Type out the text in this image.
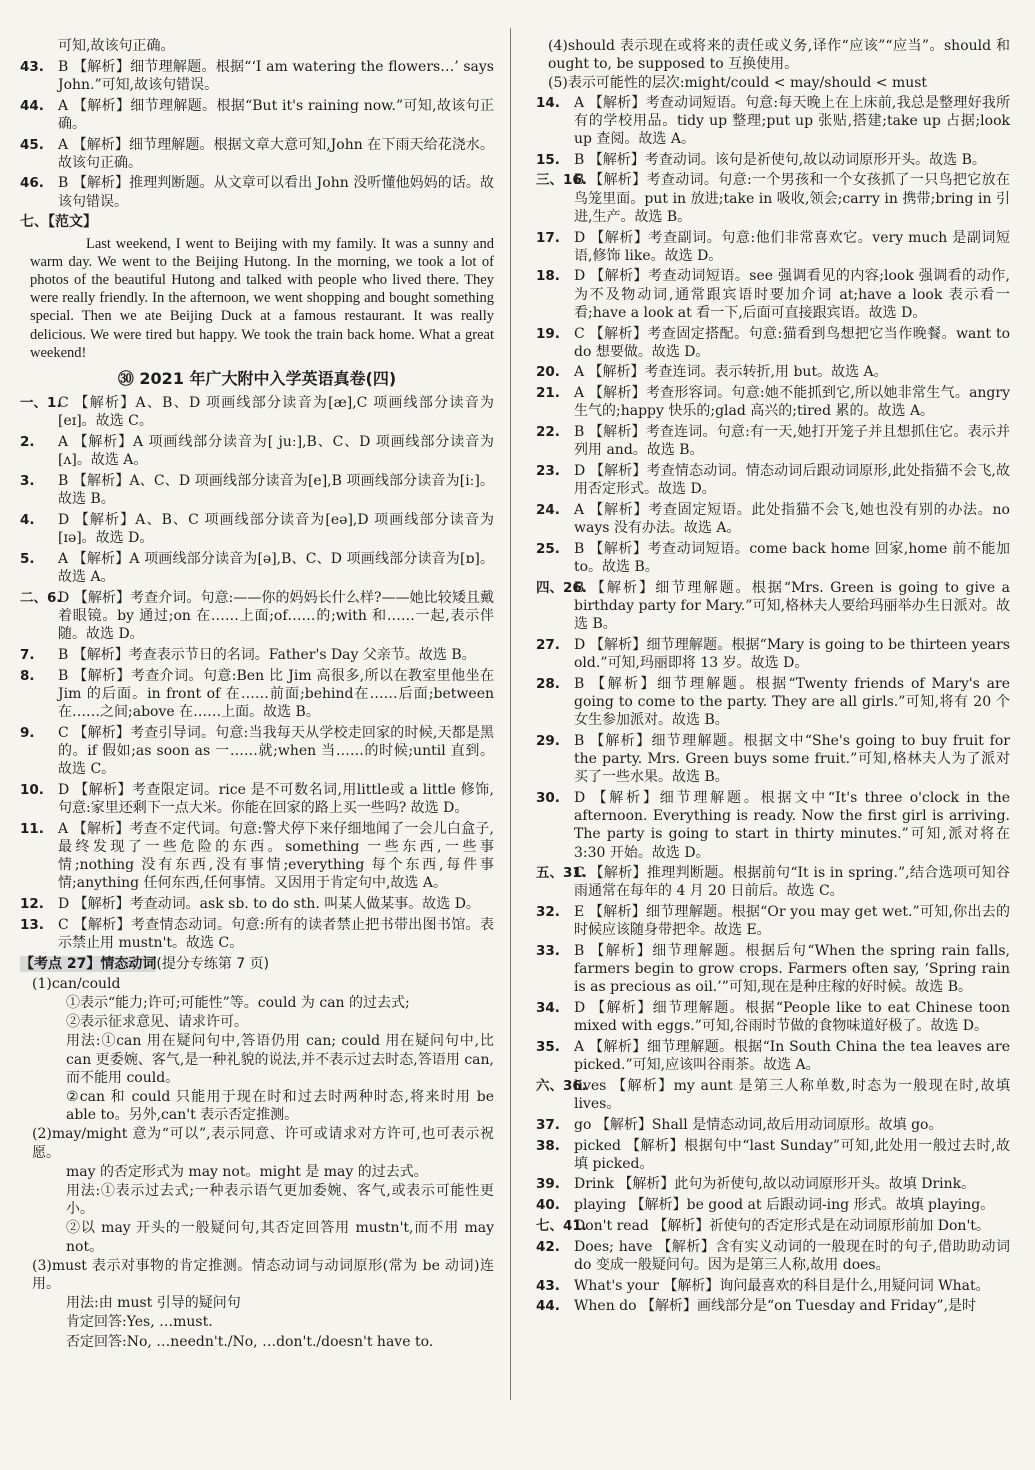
可知,故该句正确。
43. B 【解析】细节理解题。根据“‘I am watering the flowers…’ says John.”可知,故该句错误。
44. A 【解析】细节理解题。根据“But it's raining now.”可知,故该句正确。
45. A 【解析】细节理解题。根据文章大意可知,John 在下雨天给花浇水。故该句正确。
46. B 【解析】推理判断题。从文章可以看出 John 没听懂他妈妈的话。故该句错误。
七、【范文】
Last weekend, I went to Beijing with my family. It was a sunny and warm day. We went to the Beijing Hutong. In the morning, we took a lot of photos of the beautiful Hutong and talked with people who lived there. They were really friendly. In the afternoon, we went shopping and bought something special. Then we ate Beijing Duck at a famous restaurant. It was really delicious. We were tired but happy. We took the train back home. What a great weekend!
㉚ 2021 年广大附中入学英语真卷(四)
一、1.
C 【解析】A、B、D 项画线部分读音为[æ],C 项画线部分读音为[eɪ]。故选 C。
2. A 【解析】A 项画线部分读音为[ juː],B、C、D 项画线部分读音为[ʌ]。故选 A。
3. B 【解析】A、C、D 项画线部分读音为[e],B 项画线部分读音为[iː]。故选 B。
4. D 【解析】A、B、C 项画线部分读音为[eə],D 项画线部分读音为[ɪə]。故选 D。
5. A 【解析】A 项画线部分读音为[ə],B、C、D 项画线部分读音为[ɒ]。故选 A。
二、6.
D 【解析】考查介词。句意:——你的妈妈长什么样?——她比较矮且戴着眼镜。by 通过;on 在……上面;of……的;with 和……一起,表示伴随。故选 D。
7. B 【解析】考查表示节日的名词。Father's Day 父亲节。故选 B。
8. B 【解析】考查介词。句意:Ben 比 Jim 高很多,所以在教室里他坐在 Jim 的后面。in front of 在……前面;behind在……后面;between 在……之间;above 在……上面。故选 B。
9. C 【解析】考查引导词。句意:当我每天从学校走回家的时候,天都是黑的。if 假如;as soon as 一……就;when 当……的时候;until 直到。故选 C。
10. D 【解析】考查限定词。rice 是不可数名词,用little或 a little 修饰,句意:家里还剩下一点大米。你能在回家的路上买一些吗? 故选 D。
11. A 【解析】考查不定代词。句意:警犬停下来仔细地闻了一会儿白盒子,最终发现了一些危险的东西。something 一些东西,一些事情;nothing 没有东西,没有事情;everything 每个东西,每件事情;anything 任何东西,任何事情。又因用于肯定句中,故选 A。
12. D 【解析】考查动词。ask sb. to do sth. 叫某人做某事。故选 D。
13. C 【解析】考查情态动词。句意:所有的读者禁止把书带出图书馆。表示禁止用 mustn't。故选 C。
【考点 27】情态动词(提分专练第 7 页)
(1)can/could
①表示“能力;许可;可能性”等。could 为 can 的过去式;
②表示征求意见、请求许可。
用法:①can 用在疑问句中,答语仍用 can; could 用在疑问句中,比 can 更委婉、客气,是一种礼貌的说法,并不表示过去时态,答语用 can,而不能用 could。
②can 和 could 只能用于现在时和过去时两种时态,将来时用 be able to。另外,can't 表示否定推测。
(2)may/might 意为“可以”,表示同意、许可或请求对方许可,也可表示祝愿。
may 的否定形式为 may not。might 是 may 的过去式。
用法:①表示过去式;一种表示语气更加委婉、客气,或表示可能性更小。
②以 may 开头的一般疑问句,其否定回答用 mustn't,而不用 may not。
(3)must 表示对事物的肯定推测。情态动词与动词原形(常为 be 动词)连用。
用法:由 must 引导的疑问句
肯定回答:Yes, …must.
否定回答:No, …needn't./No, …don't./doesn't have to.
(4)should 表示现在或将来的责任或义务,译作“应该”“应当”。should 和 ought to, be supposed to 互换使用。
(5)表示可能性的层次:might/could < may/should < must
14. A 【解析】考查动词短语。句意:每天晚上在上床前,我总是整理好我所有的学校用品。tidy up 整理;put up 张贴,搭建;take up 占据;look up 查阅。故选 A。
15. B 【解析】考查动词。该句是祈使句,故以动词原形开头。故选 B。
三、16.
B 【解析】考查动词。句意:一个男孩和一个女孩抓了一只鸟把它放在鸟笼里面。put in 放进;take in 吸收,领会;carry in 携带;bring in 引进,生产。故选 B。
17. D 【解析】考查副词。句意:他们非常喜欢它。very much 是副词短语,修饰 like。故选 D。
18. D 【解析】考查动词短语。see 强调看见的内容;look 强调看的动作,为不及物动词,通常跟宾语时要加介词 at;have a look 表示看一看;have a look at 看一下,后面可直接跟宾语。故选 D。
19. C 【解析】考查固定搭配。句意:猫看到鸟想把它当作晚餐。want to do 想要做。故选 D。
20. A 【解析】考查连词。表示转折,用 but。故选 A。
21. A 【解析】考查形容词。句意:她不能抓到它,所以她非常生气。angry 生气的;happy 快乐的;glad 高兴的;tired 累的。故选 A。
22. B 【解析】考查连词。句意:有一天,她打开笼子并且想抓住它。表示并列用 and。故选 B。
23. D 【解析】考查情态动词。情态动词后跟动词原形,此处指猫不会飞,故用否定形式。故选 D。
24. A 【解析】考查固定短语。此处指猫不会飞,她也没有别的办法。no ways 没有办法。故选 A。
25. B 【解析】考查动词短语。come back home 回家,home 前不能加 to。故选 B。
四、26.
B 【解析】细节理解题。根据“Mrs. Green is going to give a birthday party for Mary.”可知,格林夫人要给玛丽举办生日派对。故选 B。
27. D 【解析】细节理解题。根据“Mary is going to be thirteen years old.”可知,玛丽即将 13 岁。故选 D。
28. B 【解析】细节理解题。根据“Twenty friends of Mary's are going to come to the party. They are all girls.”可知,将有 20 个女生参加派对。故选 B。
29. B 【解析】细节理解题。根据文中“She's going to buy fruit for the party. Mrs. Green buys some fruit.”可知,格林夫人为了派对买了一些水果。故选 B。
30. D 【解析】细节理解题。根据文中“It's three o'clock in the afternoon. Everything is ready. Now the first girl is arriving. The party is going to start in thirty minutes.”可知,派对将在 3:30 开始。故选 D。
五、31.
C 【解析】推理判断题。根据前句“It is in spring.”,结合选项可知谷雨通常在每年的 4 月 20 日前后。故选 C。
32. E 【解析】细节理解题。根据“Or you may get wet.”可知,你出去的时候应该随身带把伞。故选 E。
33. B 【解析】细节理解题。根据后句“When the spring rain falls, farmers begin to grow crops. Farmers often say, ‘Spring rain is as precious as oil.’”可知,现在是种庄稼的好时候。故选 B。
34. D 【解析】细节理解题。根据“People like to eat Chinese toon mixed with eggs.”可知,谷雨时节做的食物味道好极了。故选 D。
35. A 【解析】细节理解题。根据“In South China the tea leaves are picked.”可知,应该叫谷雨茶。故选 A。
六、36.
lives 【解析】my aunt 是第三人称单数,时态为一般现在时,故填 lives。
37. go 【解析】Shall 是情态动词,故后用动词原形。故填 go。
38. picked 【解析】根据句中“last Sunday”可知,此处用一般过去时,故填 picked。
39. Drink 【解析】此句为祈使句,故以动词原形开头。故填 Drink。
40. playing 【解析】be good at 后跟动词-ing 形式。故填 playing。
七、41.
Don't read 【解析】祈使句的否定形式是在动词原形前加 Don't。
42. Does; have 【解析】含有实义动词的一般现在时的句子,借助助动词 do 变成一般疑问句。因为是第三人称,故用 does。
43. What's your 【解析】询问最喜欢的科目是什么,用疑问词 What。
44. When do 【解析】画线部分是“on Tuesday and Friday”,是时
